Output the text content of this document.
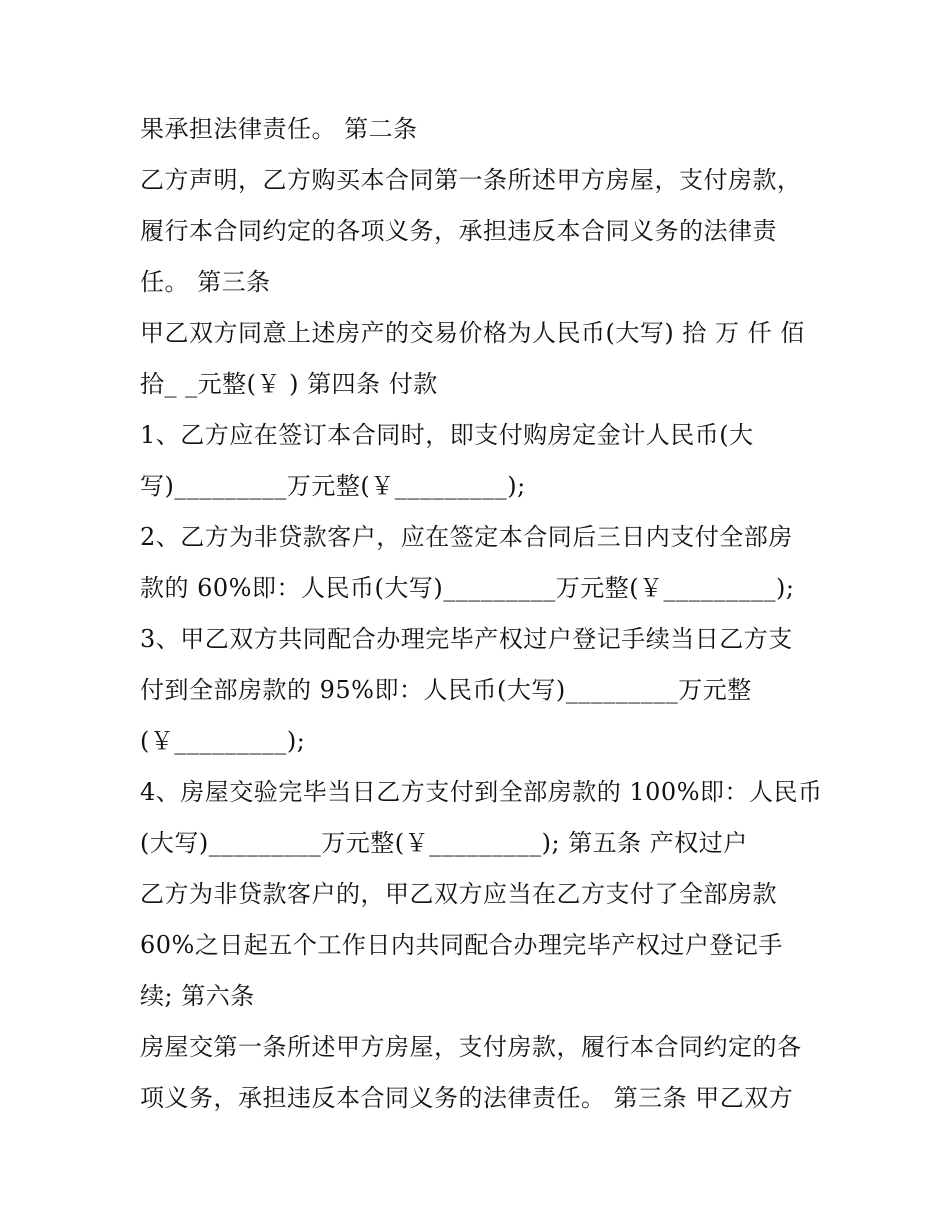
果承担法律责任。 第二条
乙方声明，乙方购买本合同第一条所述甲方房屋，支付房款，
履行本合同约定的各项义务，承担违反本合同义务的法律责
任。 第三条
甲乙双方同意上述房产的交易价格为人民币(大写) 拾 万 仟 佰
拾_ _元整(￥ ) 第四条 付款
1、乙方应在签订本合同时，即支付购房定金计人民币(大
写)_________万元整(￥_________);
2、乙方为非贷款客户，应在签定本合同后三日内支付全部房
款的 60%即：人民币(大写)_________万元整(￥_________);
3、甲乙双方共同配合办理完毕产权过户登记手续当日乙方支
付到全部房款的 95%即：人民币(大写)_________万元整
(￥_________);
4、房屋交验完毕当日乙方支付到全部房款的 100%即：人民币
(大写)_________万元整(￥_________); 第五条 产权过户
乙方为非贷款客户的，甲乙双方应当在乙方支付了全部房款
60%之日起五个工作日内共同配合办理完毕产权过户登记手
续; 第六条
房屋交第一条所述甲方房屋，支付房款，履行本合同约定的各
项义务，承担违反本合同义务的法律责任。 第三条 甲乙双方
